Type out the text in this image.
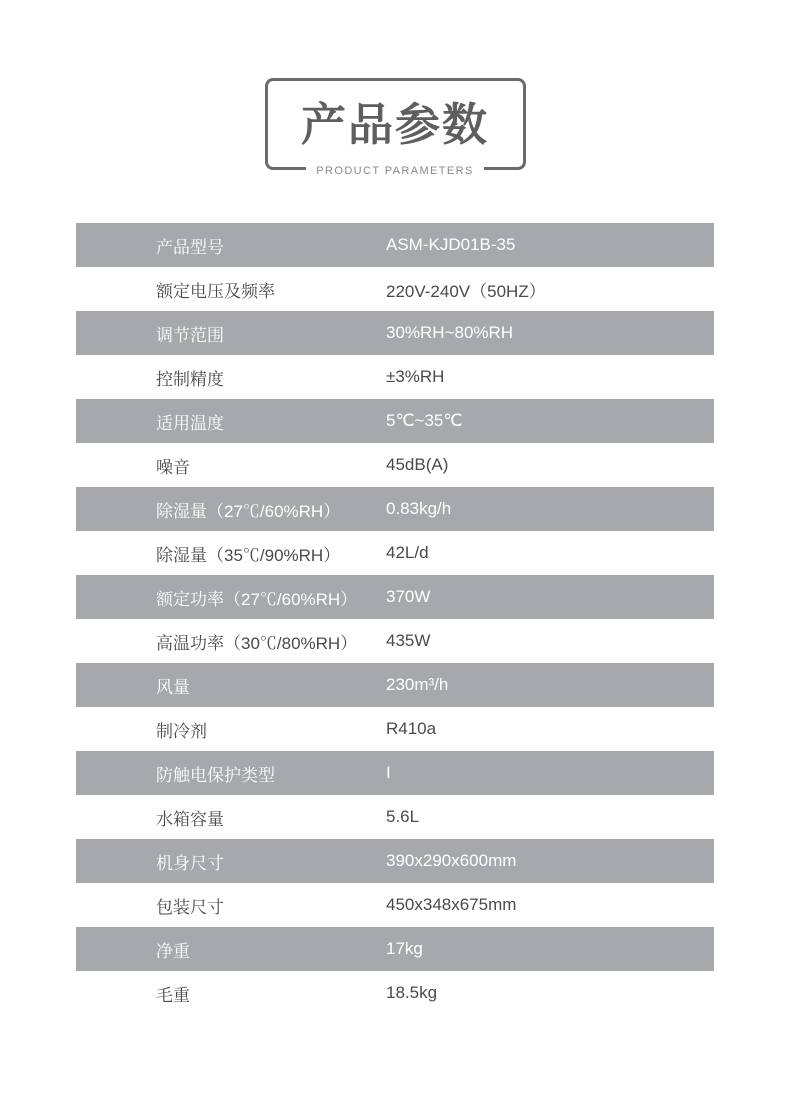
产品参数
PRODUCT PARAMETERS
产品型号	ASM-KJD01B-35
额定电压及频率	220V-240V（50HZ）
调节范围	30%RH~80%RH
控制精度	±3%RH
适用温度	5℃~35℃
噪音	45dB(A)
除湿量（27℃/60%RH）	0.83kg/h
除湿量（35℃/90%RH）	42L/d
额定功率（27℃/60%RH）	370W
高温功率（30℃/80%RH）	435W
风量	230m³/h
制冷剂	R410a
防触电保护类型	I
水箱容量	5.6L
机身尺寸	390x290x600mm
包装尺寸	450x348x675mm
净重	17kg
毛重	18.5kg
